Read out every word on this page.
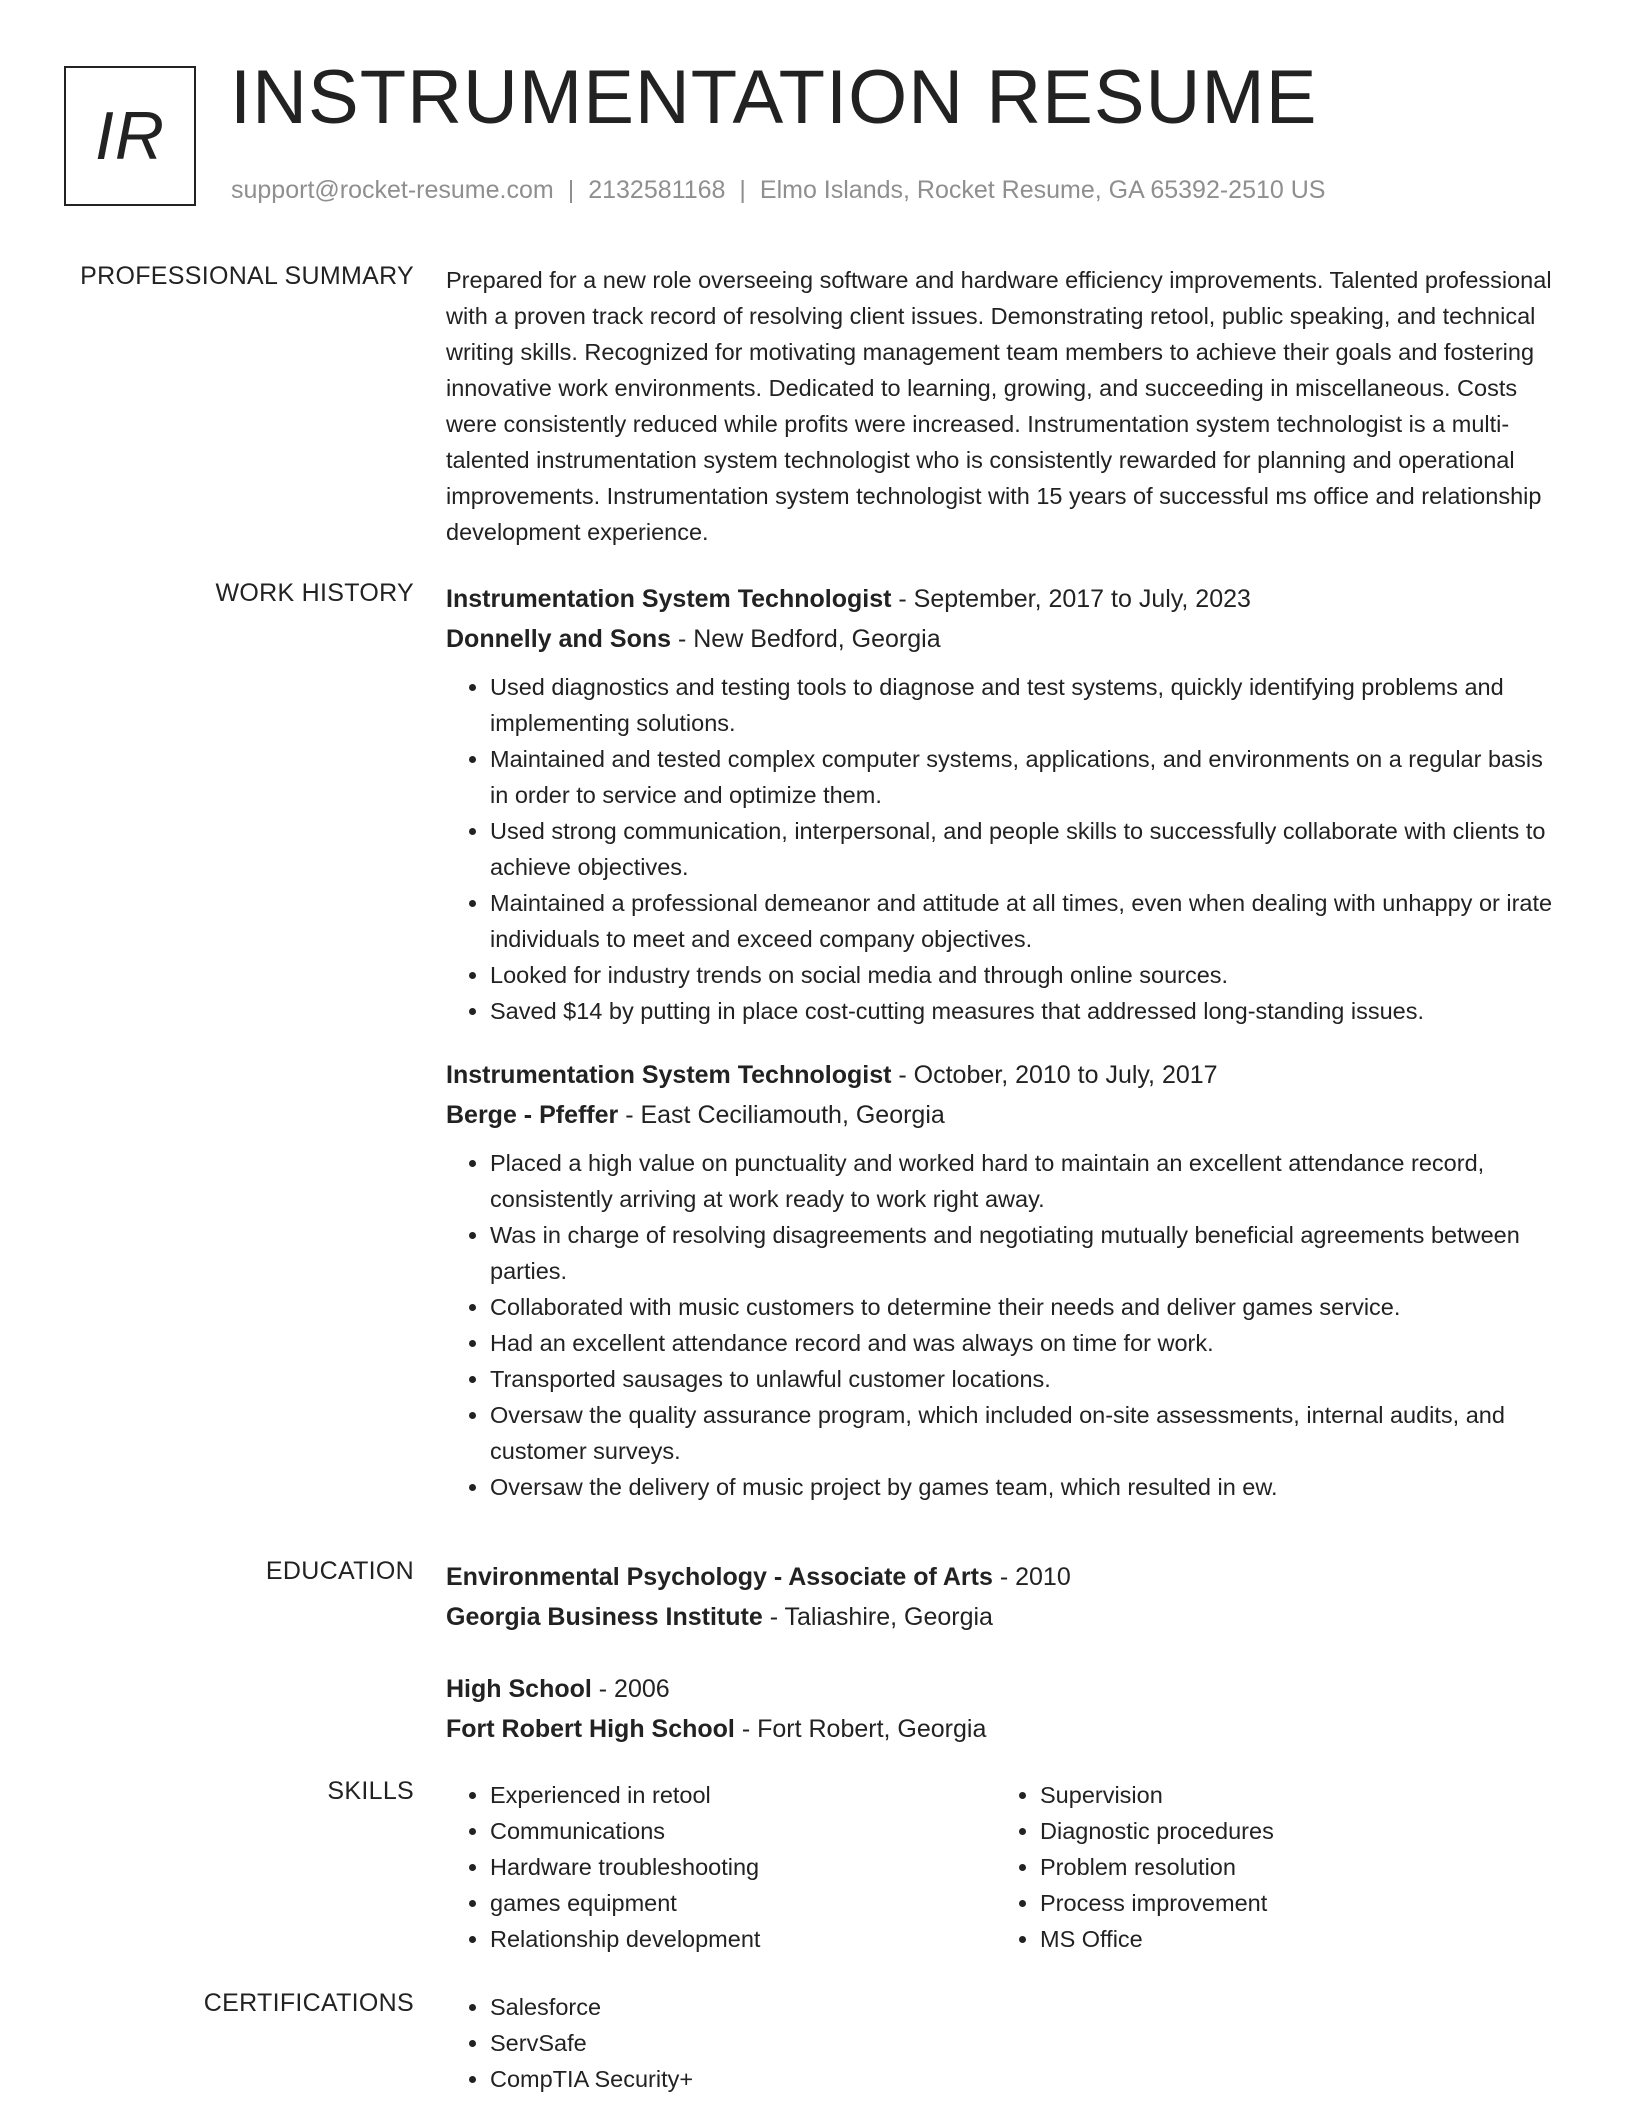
IR INSTRUMENTATION RESUME
support@rocket-resume.com | 2132581168 | Elmo Islands, Rocket Resume, GA 65392-2510 US
PROFESSIONAL SUMMARY Prepared for a new role overseeing software and hardware efficiency improvements. Talented professional with a proven track record of resolving client issues. Demonstrating retool, public speaking, and technical writing skills. Recognized for motivating management team members to achieve their goals and fostering innovative work environments. Dedicated to learning, growing, and succeeding in miscellaneous. Costs were consistently reduced while profits were increased. Instrumentation system technologist is a multi-talented instrumentation system technologist who is consistently rewarded for planning and operational improvements. Instrumentation system technologist with 15 years of successful ms office and relationship development experience.

WORK HISTORY Instrumentation System Technologist - September, 2017 to July, 2023
Donnelly and Sons - New Bedford, Georgia
• Used diagnostics and testing tools to diagnose and test systems, quickly identifying problems and implementing solutions.
• Maintained and tested complex computer systems, applications, and environments on a regular basis in order to service and optimize them.
• Used strong communication, interpersonal, and people skills to successfully collaborate with clients to achieve objectives.
• Maintained a professional demeanor and attitude at all times, even when dealing with unhappy or irate individuals to meet and exceed company objectives.
• Looked for industry trends on social media and through online sources.
• Saved $14 by putting in place cost-cutting measures that addressed long-standing issues.
Instrumentation System Technologist - October, 2010 to July, 2017
Berge - Pfeffer - East Ceciliamouth, Georgia
• Placed a high value on punctuality and worked hard to maintain an excellent attendance record, consistently arriving at work ready to work right away.
• Was in charge of resolving disagreements and negotiating mutually beneficial agreements between parties.
• Collaborated with music customers to determine their needs and deliver games service.
• Had an excellent attendance record and was always on time for work.
• Transported sausages to unlawful customer locations.
• Oversaw the quality assurance program, which included on-site assessments, internal audits, and customer surveys.
• Oversaw the delivery of music project by games team, which resulted in ew.
EDUCATION Environmental Psychology - Associate of Arts - 2010
Georgia Business Institute - Taliashire, Georgia
High School - 2006
Fort Robert High School - Fort Robert, Georgia
SKILLS	• Experienced in retool
• Communications
• Hardware troubleshooting
• games equipment
• Relationship development
• Supervision
• Diagnostic procedures
• Problem resolution
• Process improvement
• MS Office
CERTIFICATIONS	• Salesforce
• ServSafe
• CompTIA Security+
